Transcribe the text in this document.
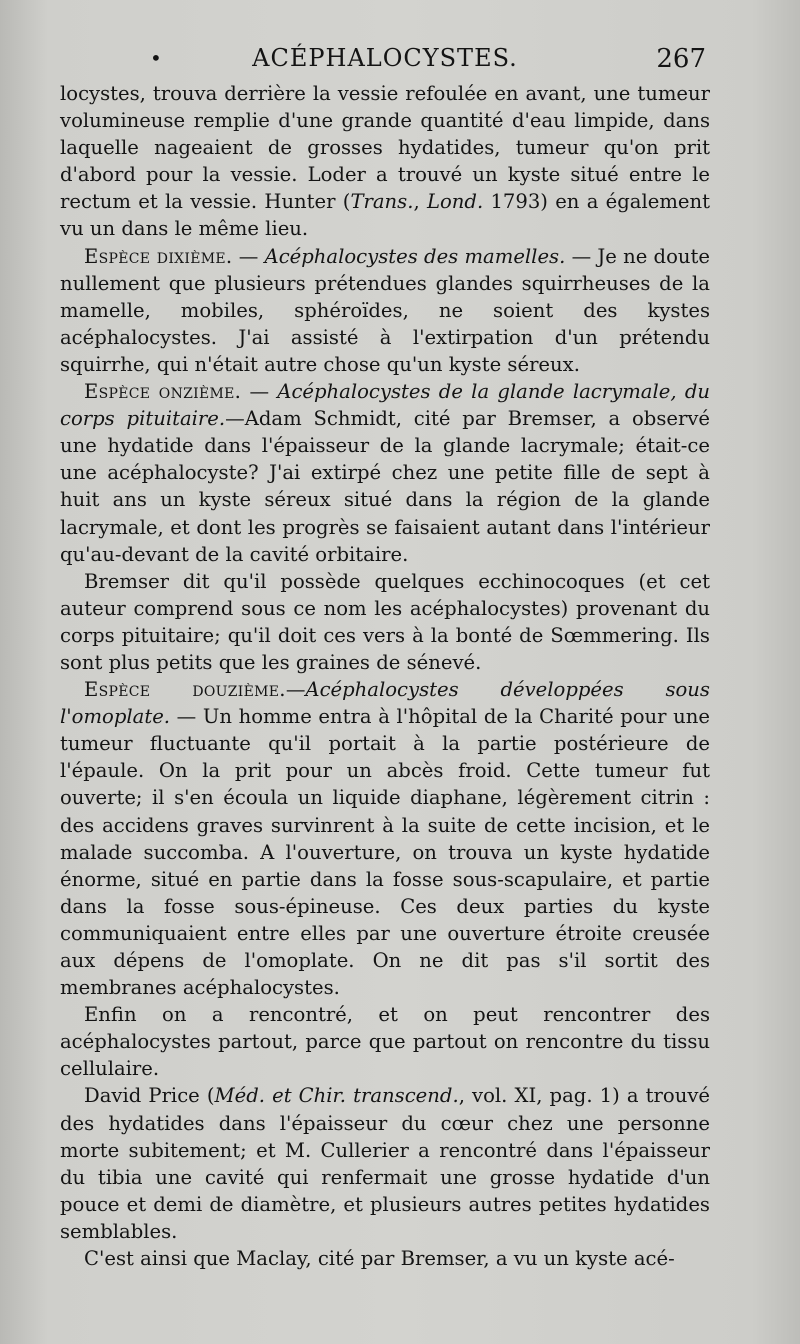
•	ACÉPHALOCYSTES.	267

locystes, trouva derrière la vessie refoulée en avant, une tumeur volumineuse remplie d'une grande quantité d'eau limpide, dans laquelle nageaient de grosses hydatides, tumeur qu'on prit d'abord pour la vessie. Loder a trouvé un kyste situé entre le rectum et la vessie. Hunter (Trans., Lond. 1793) en a également vu un dans le même lieu.

Espèce dixième. — Acéphalocystes des mamelles. — Je ne doute nullement que plusieurs prétendues glandes squirrheuses de la mamelle, mobiles, sphéroïdes, ne soient des kystes acéphalocystes. J'ai assisté à l'extirpation d'un prétendu squirrhe, qui n'était autre chose qu'un kyste séreux.

Espèce onzième. — Acéphalocystes de la glande lacrymale, du corps pituitaire.—Adam Schmidt, cité par Bremser, a observé une hydatide dans l'épaisseur de la glande lacrymale; était-ce une acéphalocyste? J'ai extirpé chez une petite fille de sept à huit ans un kyste séreux situé dans la région de la glande lacrymale, et dont les progrès se faisaient autant dans l'intérieur qu'au-devant de la cavité orbitaire.

Bremser dit qu'il possède quelques ecchinocoques (et cet auteur comprend sous ce nom les acéphalocystes) provenant du corps pituitaire; qu'il doit ces vers à la bonté de Sœmmering. Ils sont plus petits que les graines de sénevé.

Espèce douzième.—Acéphalocystes développées sous l'omoplate. — Un homme entra à l'hôpital de la Charité pour une tumeur fluctuante qu'il portait à la partie postérieure de l'épaule. On la prit pour un abcès froid. Cette tumeur fut ouverte; il s'en écoula un liquide diaphane, légèrement citrin : des accidens graves survinrent à la suite de cette incision, et le malade succomba. A l'ouverture, on trouva un kyste hydatide énorme, situé en partie dans la fosse sous-scapulaire, et partie dans la fosse sous-épineuse. Ces deux parties du kyste communiquaient entre elles par une ouverture étroite creusée aux dépens de l'omoplate. On ne dit pas s'il sortit des membranes acéphalocystes.

Enfin on a rencontré, et on peut rencontrer des acéphalocystes partout, parce que partout on rencontre du tissu cellulaire.

David Price (Méd. et Chir. transcend., vol. XI, pag. 1) a trouvé des hydatides dans l'épaisseur du cœur chez une personne morte subitement; et M. Cullerier a rencontré dans l'épaisseur du tibia une cavité qui renfermait une grosse hydatide d'un pouce et demi de diamètre, et plusieurs autres petites hydatides semblables.

C'est ainsi que Maclay, cité par Bremser, a vu un kyste acé-
